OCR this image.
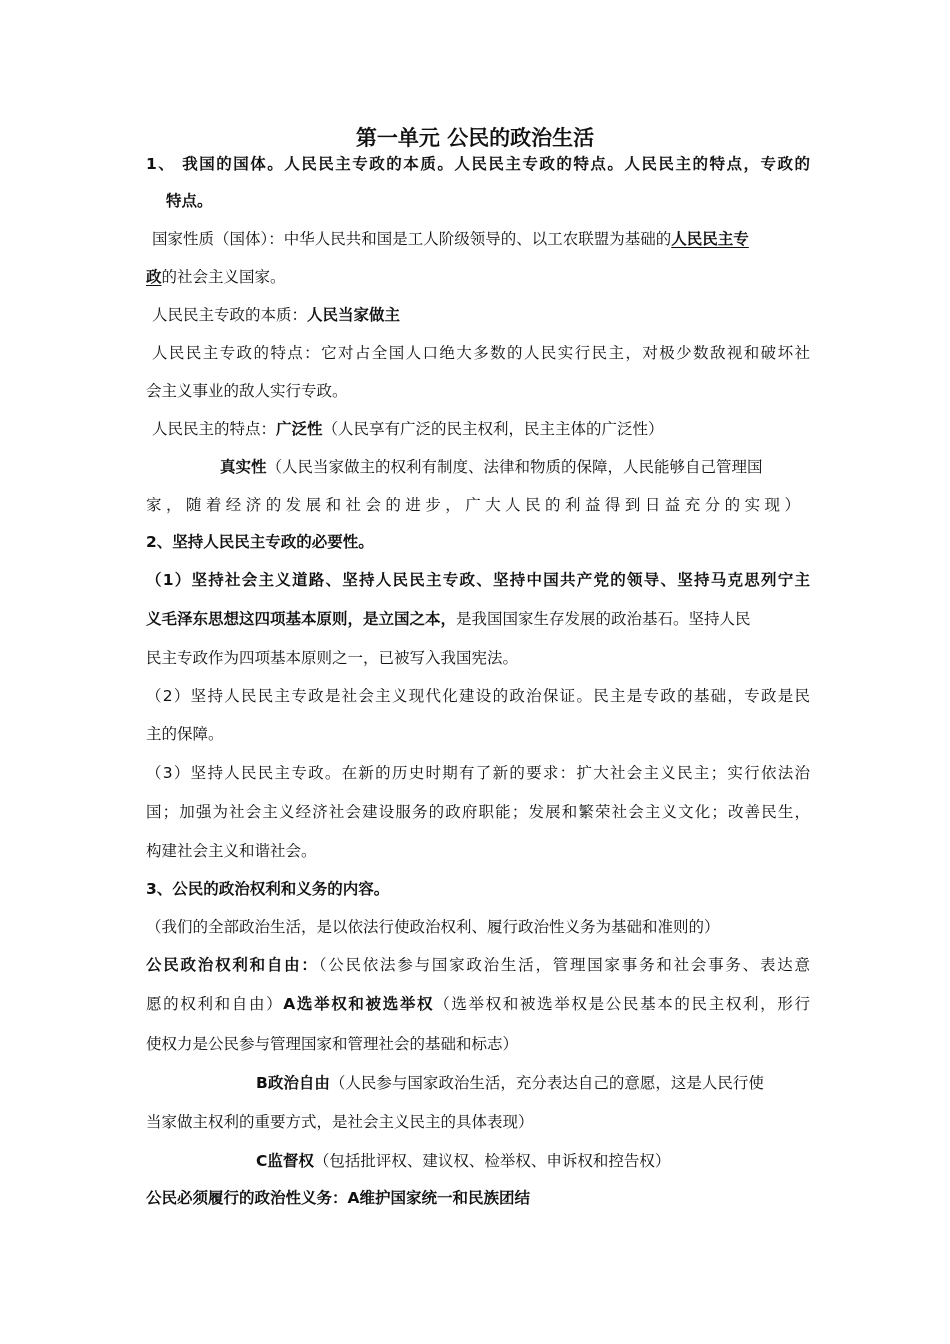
第一单元 公民的政治生活
1、 我国的国体。人民民主专政的本质。人民民主专政的特点。人民民主的特点，专政的
特点。
国家性质（国体）：中华人民共和国是工人阶级领导的、以工农联盟为基础的人民民主专
政的社会主义国家。
人民民主专政的本质：人民当家做主
人民民主专政的特点：它对占全国人口绝大多数的人民实行民主，对极少数敌视和破坏社
会主义事业的敌人实行专政。
人民民主的特点：广泛性（人民享有广泛的民主权利，民主主体的广泛性）
真实性（人民当家做主的权利有制度、法律和物质的保障，人民能够自己管理国
家，随着经济的发展和社会的进步，广大人民的利益得到日益充分的实现）
2、坚持人民民主专政的必要性。
（1）坚持社会主义道路、坚持人民民主专政、坚持中国共产党的领导、坚持马克思列宁主
义毛泽东思想这四项基本原则，是立国之本，是我国国家生存发展的政治基石。坚持人民
民主专政作为四项基本原则之一，已被写入我国宪法。
（2）坚持人民民主专政是社会主义现代化建设的政治保证。民主是专政的基础，专政是民
主的保障。
（3）坚持人民民主专政。在新的历史时期有了新的要求：扩大社会主义民主；实行依法治
国；加强为社会主义经济社会建设服务的政府职能；发展和繁荣社会主义文化；改善民生，
构建社会主义和谐社会。
3、公民的政治权利和义务的内容。
（我们的全部政治生活，是以依法行使政治权利、履行政治性义务为基础和准则的）
公民政治权利和自由：（公民依法参与国家政治生活，管理国家事务和社会事务、表达意
愿的权利和自由）A选举权和被选举权（选举权和被选举权是公民基本的民主权利，形行
使权力是公民参与管理国家和管理社会的基础和标志）
B政治自由（人民参与国家政治生活，充分表达自己的意愿，这是人民行使
当家做主权利的重要方式，是社会主义民主的具体表现）
C监督权（包括批评权、建议权、检举权、申诉权和控告权）
公民必须履行的政治性义务：A维护国家统一和民族团结
